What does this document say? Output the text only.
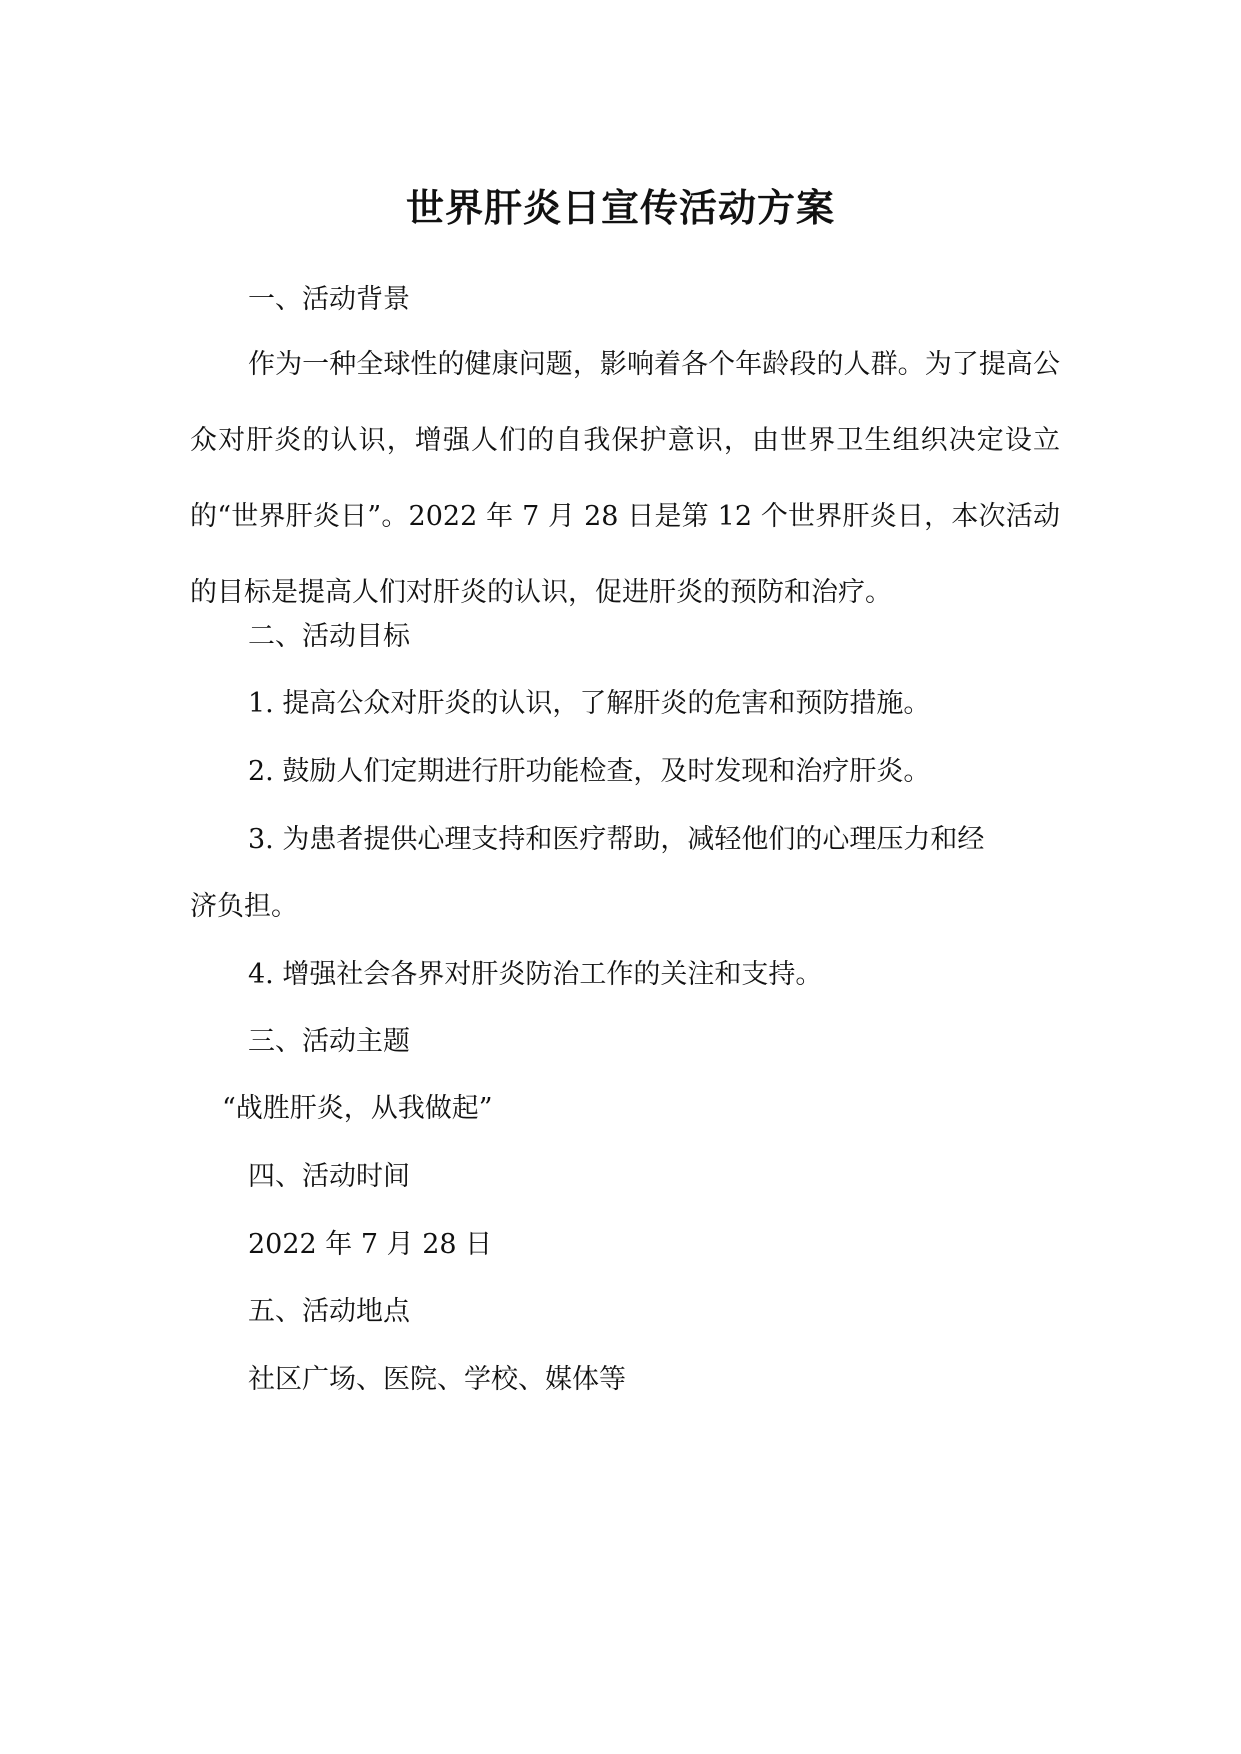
世界肝炎日宣传活动方案
一、活动背景
作为一种全球性的健康问题，影响着各个年龄段的人群。为了提高公众对肝炎的认识，增强人们的自我保护意识，由世界卫生组织决定设立的“世界肝炎日”。2022 年 7 月 28 日是第 12 个世界肝炎日，本次活动的目标是提高人们对肝炎的认识，促进肝炎的预防和治疗。
二、活动目标
1. 提高公众对肝炎的认识，了解肝炎的危害和预防措施。
2. 鼓励人们定期进行肝功能检查，及时发现和治疗肝炎。
3. 为患者提供心理支持和医疗帮助，减轻他们的心理压力和经
济负担。
4. 增强社会各界对肝炎防治工作的关注和支持。
三、活动主题
“战胜肝炎，从我做起”
四、活动时间
2022 年 7 月 28 日
五、活动地点
社区广场、医院、学校、媒体等
